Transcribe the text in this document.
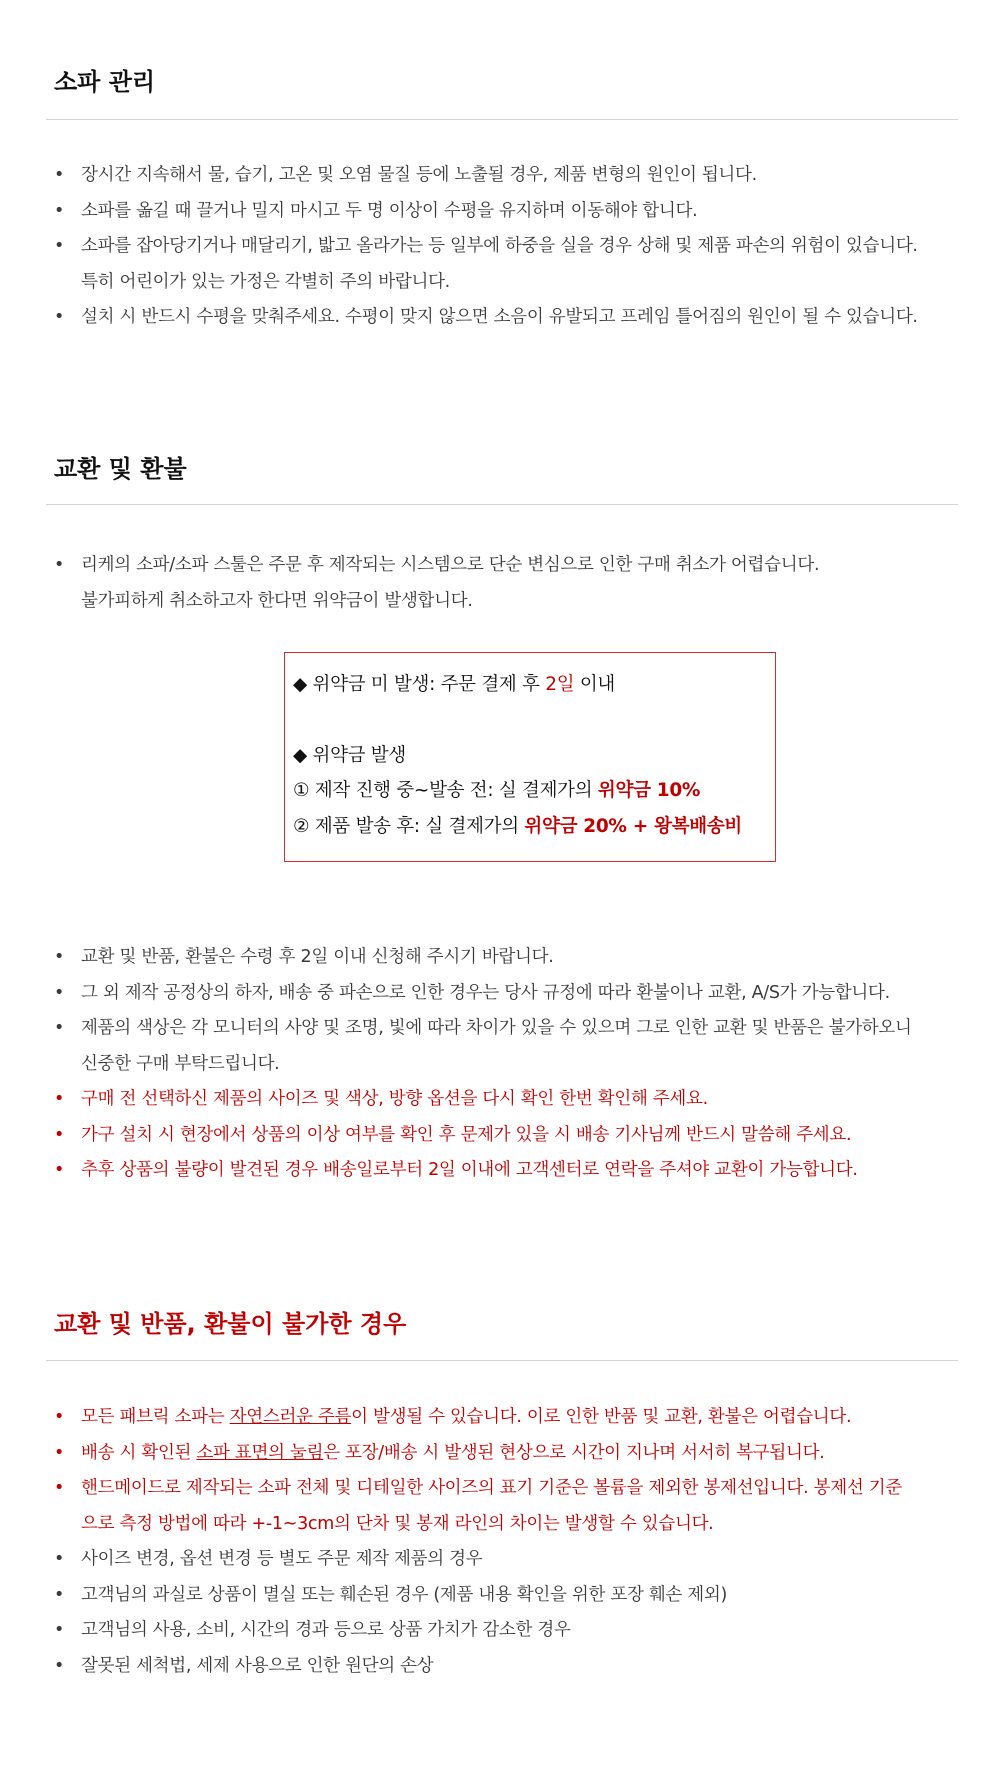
소파 관리
• 장시간 지속해서 물, 습기, 고온 및 오염 물질 등에 노출될 경우, 제품 변형의 원인이 됩니다.
• 소파를 옮길 때 끌거나 밀지 마시고 두 명 이상이 수평을 유지하며 이동해야 합니다.
• 소파를 잡아당기거나 매달리기, 밟고 올라가는 등 일부에 하중을 실을 경우 상해 및 제품 파손의 위험이 있습니다.
특히 어린이가 있는 가정은 각별히 주의 바랍니다.
• 설치 시 반드시 수평을 맞춰주세요. 수평이 맞지 않으면 소음이 유발되고 프레임 틀어짐의 원인이 될 수 있습니다.
교환 및 환불
• 리케의 소파/소파 스툴은 주문 후 제작되는 시스템으로 단순 변심으로 인한 구매 취소가 어렵습니다.
불가피하게 취소하고자 한다면 위약금이 발생합니다.
◆ 위약금 미 발생: 주문 결제 후 2일 이내
◆ 위약금 발생
① 제작 진행 중~발송 전: 실 결제가의 위약금 10%
② 제품 발송 후: 실 결제가의 위약금 20% + 왕복배송비
• 교환 및 반품, 환불은 수령 후 2일 이내 신청해 주시기 바랍니다.
• 그 외 제작 공정상의 하자, 배송 중 파손으로 인한 경우는 당사 규정에 따라 환불이나 교환, A/S가 가능합니다.
• 제품의 색상은 각 모니터의 사양 및 조명, 빛에 따라 차이가 있을 수 있으며 그로 인한 교환 및 반품은 불가하오니
신중한 구매 부탁드립니다.
• 구매 전 선택하신 제품의 사이즈 및 색상, 방향 옵션을 다시 확인 한번 확인해 주세요.
• 가구 설치 시 현장에서 상품의 이상 여부를 확인 후 문제가 있을 시 배송 기사님께 반드시 말씀해 주세요.
• 추후 상품의 불량이 발견된 경우 배송일로부터 2일 이내에 고객센터로 연락을 주셔야 교환이 가능합니다.
교환 및 반품, 환불이 불가한 경우
• 모든 패브릭 소파는 자연스러운 주름이 발생될 수 있습니다. 이로 인한 반품 및 교환, 환불은 어렵습니다.
• 배송 시 확인된 소파 표면의 눌림은 포장/배송 시 발생된 현상으로 시간이 지나며 서서히 복구됩니다.
• 핸드메이드로 제작되는 소파 전체 및 디테일한 사이즈의 표기 기준은 볼륨을 제외한 봉제선입니다. 봉제선 기준
으로 측정 방법에 따라 +-1~3cm의 단차 및 봉재 라인의 차이는 발생할 수 있습니다.
• 사이즈 변경, 옵션 변경 등 별도 주문 제작 제품의 경우
• 고객님의 과실로 상품이 멸실 또는 훼손된 경우 (제품 내용 확인을 위한 포장 훼손 제외)
• 고객님의 사용, 소비, 시간의 경과 등으로 상품 가치가 감소한 경우
• 잘못된 세척법, 세제 사용으로 인한 원단의 손상
